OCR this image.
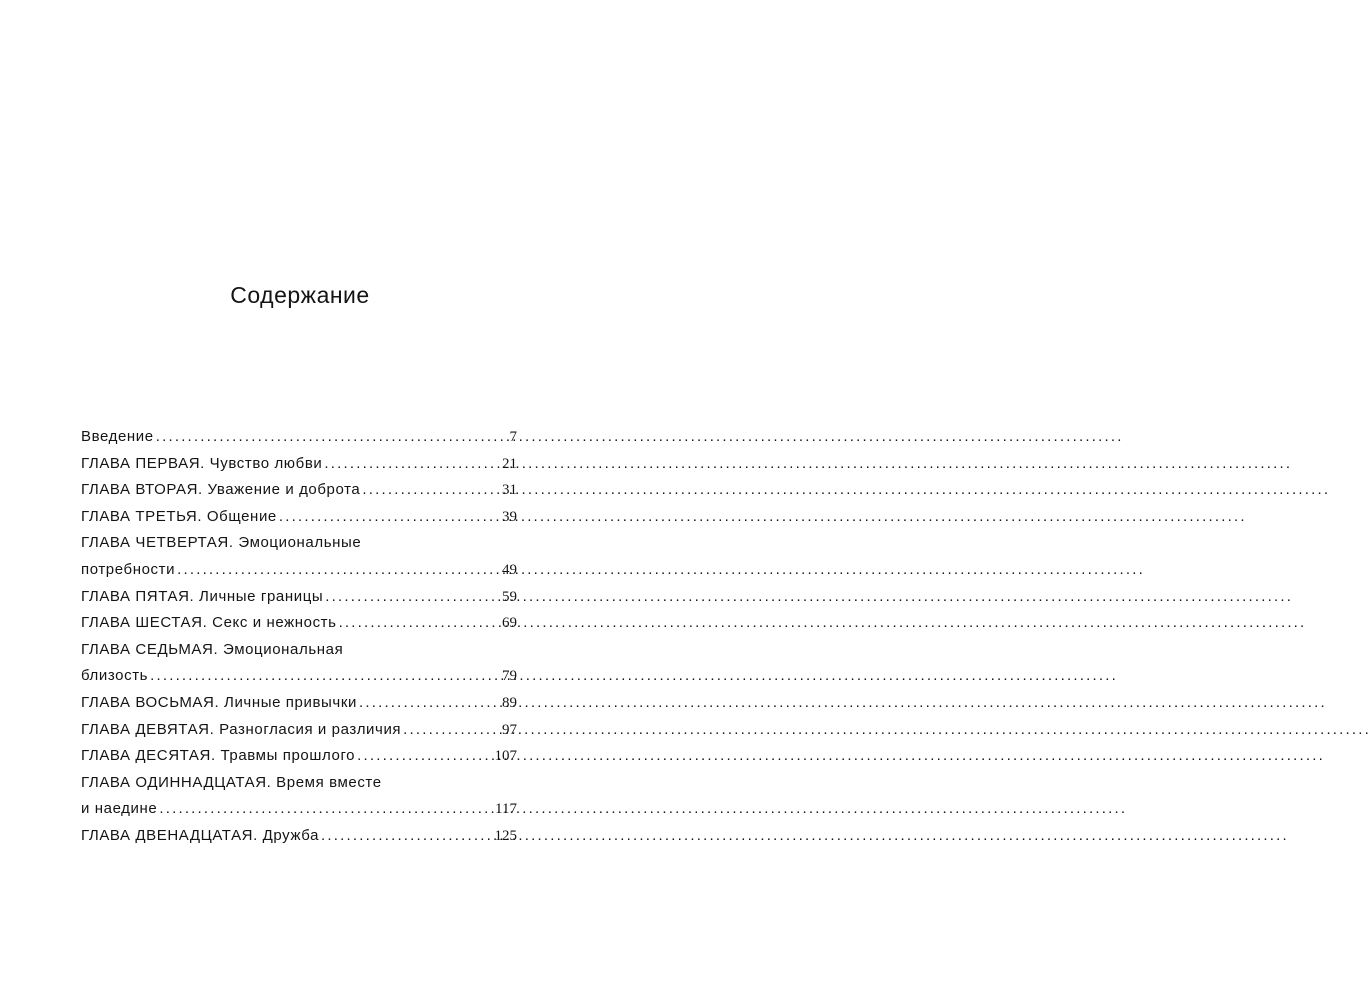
Содержание
Введение .....	7
ГЛАВА ПЕРВАЯ. Чувство любви .....	21
ГЛАВА ВТОРАЯ. Уважение и доброта .....	31
ГЛАВА ТРЕТЬЯ. Общение .....	39
ГЛАВА ЧЕТВЕРТАЯ. Эмоциональные
потребности .....	49
ГЛАВА ПЯТАЯ. Личные границы .....	59
ГЛАВА ШЕСТАЯ. Секс и нежность .....	69
ГЛАВА СЕДЬМАЯ. Эмоциональная
близость .....	79
ГЛАВА ВОСЬМАЯ. Личные привычки .....	89
ГЛАВА ДЕВЯТАЯ. Разногласия и различия .....	97
ГЛАВА ДЕСЯТАЯ. Травмы прошлого .....	107
ГЛАВА ОДИННАДЦАТАЯ. Время вместе
и наедине .....	117
ГЛАВА ДВЕНАДЦАТАЯ. Дружба .....	125
